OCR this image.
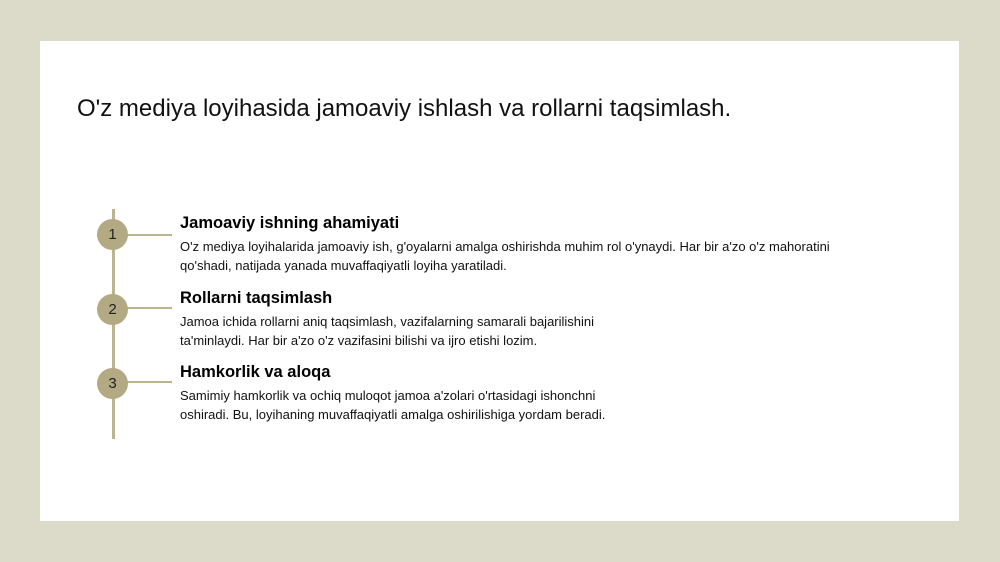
O'z mediya loyihasida jamoaviy ishlash va rollarni taqsimlash.
1
Jamoaviy ishning ahamiyati

O'z mediya loyihalarida jamoaviy ish, g'oyalarni amalga oshirishda muhim rol o'ynaydi. Har bir a'zo o'z mahoratini

qo'shadi, natijada yanada muvaffaqiyatli loyiha yaratiladi.

2
Rollarni taqsimlash

Jamoa ichida rollarni aniq taqsimlash, vazifalarning samarali bajarilishini

ta'minlaydi. Har bir a'zo o'z vazifasini bilishi va ijro etishi lozim.

3
Hamkorlik va aloqa

Samimiy hamkorlik va ochiq muloqot jamoa a'zolari o'rtasidagi ishonchni

oshiradi. Bu, loyihaning muvaffaqiyatli amalga oshirilishiga yordam beradi.
